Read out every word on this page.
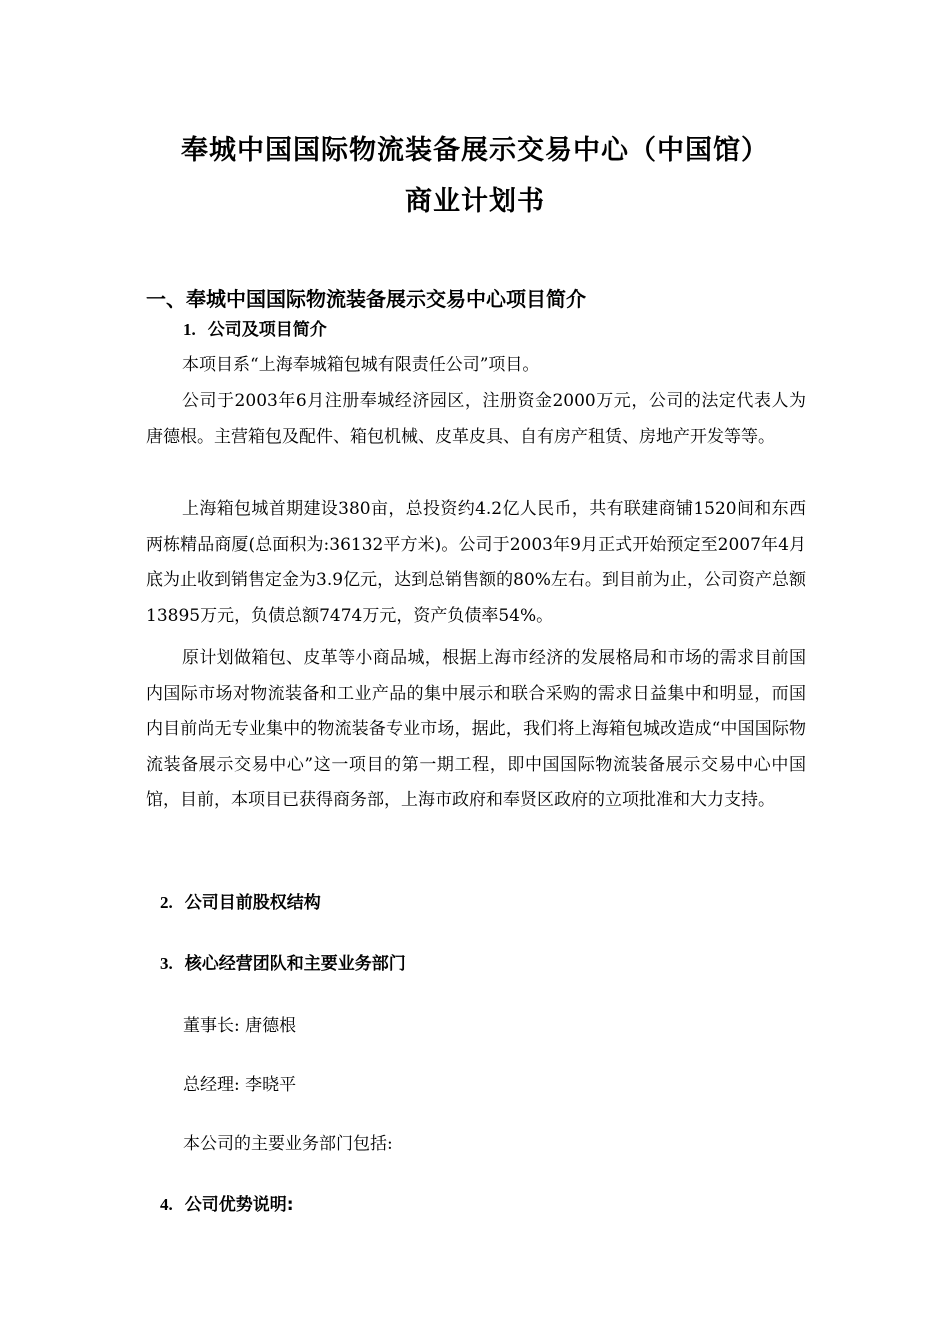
奉城中国国际物流装备展示交易中心（中国馆）
商业计划书
一、奉城中国国际物流装备展示交易中心项目简介
1. 公司及项目简介
本项目系“上海奉城箱包城有限责任公司”项目。
公司于2003年6月注册奉城经济园区，注册资金2000万元，公司的法定代表人为唐德根。主营箱包及配件、箱包机械、皮革皮具、自有房产租赁、房地产开发等等。
上海箱包城首期建设380亩，总投资约4.2亿人民币，共有联建商铺1520间和东西两栋精品商厦(总面积为:36132平方米)。公司于2003年9月正式开始预定至2007年4月底为止收到销售定金为3.9亿元，达到总销售额的80%左右。到目前为止，公司资产总额13895万元，负债总额7474万元，资产负债率54%。
原计划做箱包、皮革等小商品城，根据上海市经济的发展格局和市场的需求目前国内国际市场对物流装备和工业产品的集中展示和联合采购的需求日益集中和明显，而国内目前尚无专业集中的物流装备专业市场，据此，我们将上海箱包城改造成“中国国际物流装备展示交易中心”这一项目的第一期工程，即中国国际物流装备展示交易中心中国馆，目前，本项目已获得商务部，上海市政府和奉贤区政府的立项批准和大力支持。
2. 公司目前股权结构
3. 核心经营团队和主要业务部门
董事长: 唐德根
总经理: 李晓平
本公司的主要业务部门包括:
4. 公司优势说明:
